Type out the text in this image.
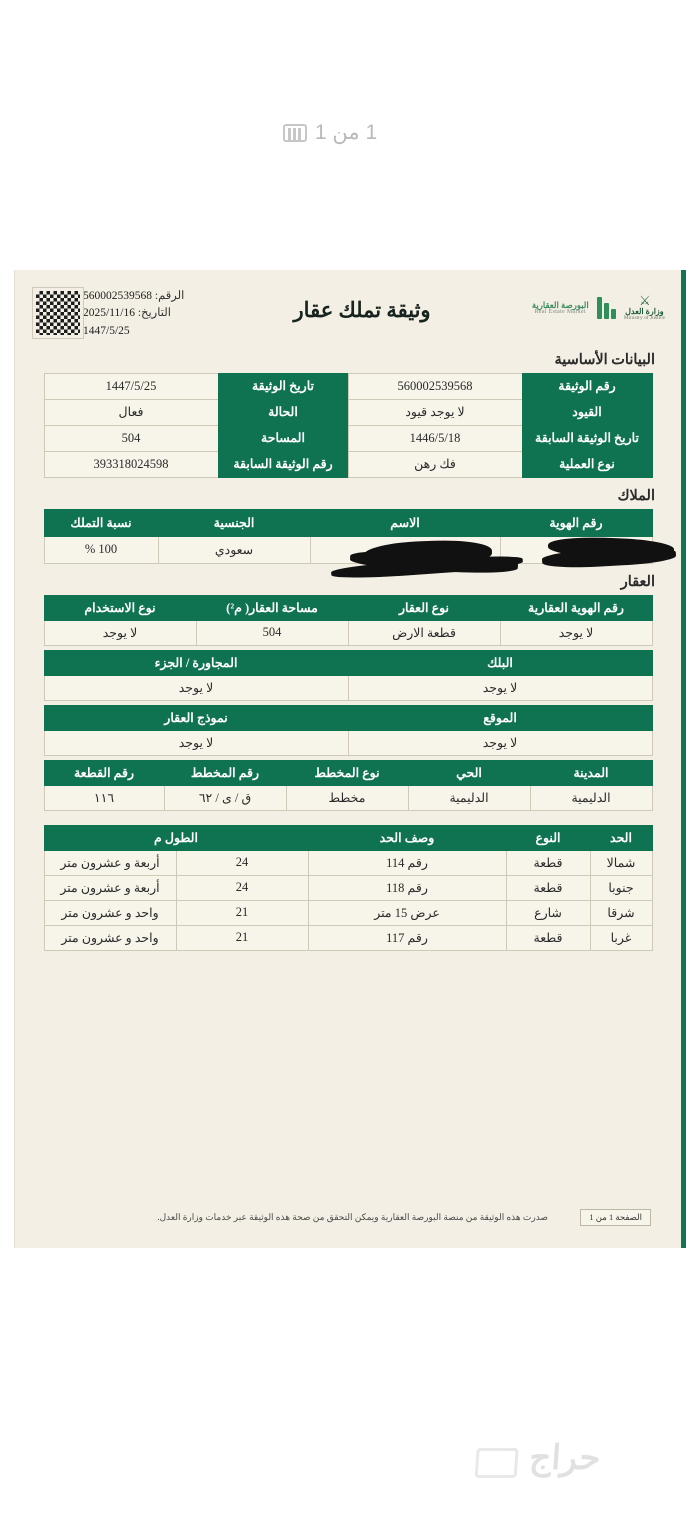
1 من 1
⚔
وزارة العدل
Ministry of Justice
البورصة العقارية
Real Estate Market
وثيقة تملك عقار
الرقم: 560002539568
التاريخ: 2025/11/16
1447/5/25
البيانات الأساسية
رقم الوثيقة	560002539568	تاريخ الوثيقة	1447/5/25
القيود	لا يوجد قيود	الحالة	فعال
تاريخ الوثيقة السابقة	1446/5/18	المساحة	504
نوع العملية	فك رهن	رقم الوثيقة السابقة	393318024598
الملاك
رقم الهوية	الاسم	الجنسية	نسبة التملك
		سعودي	100 %
العقار
رقم الهوية العقارية	نوع العقار	مساحة العقار( م²)	نوع الاستخدام
لا يوجد	قطعة الارض	504	لا يوجد
البلك	المجاورة / الجزء
لا يوجد	لا يوجد
الموقع	نموذج العقار
لا يوجد	لا يوجد
المدينة	الحي	نوع المخطط	رقم المخطط	رقم القطعة
الدليمية	الدليمية	مخطط	ق / ى / ٦٢	١١٦
الحد	النوع	وصف الحد	الطول م	
شمالا	قطعة	رقم 114	24	أربعة و عشرون متر
جنوبا	قطعة	رقم 118	24	أربعة و عشرون متر
شرقا	شارع	عرض 15 متر	21	واحد و عشرون متر
غربا	قطعة	رقم 117	21	واحد و عشرون متر
الصفحة 1 من 1
صدرت هذه الوثيقة من منصة البورصة العقارية ويمكن التحقق من صحة هذه الوثيقة عبر خدمات وزارة العدل.
حراج
